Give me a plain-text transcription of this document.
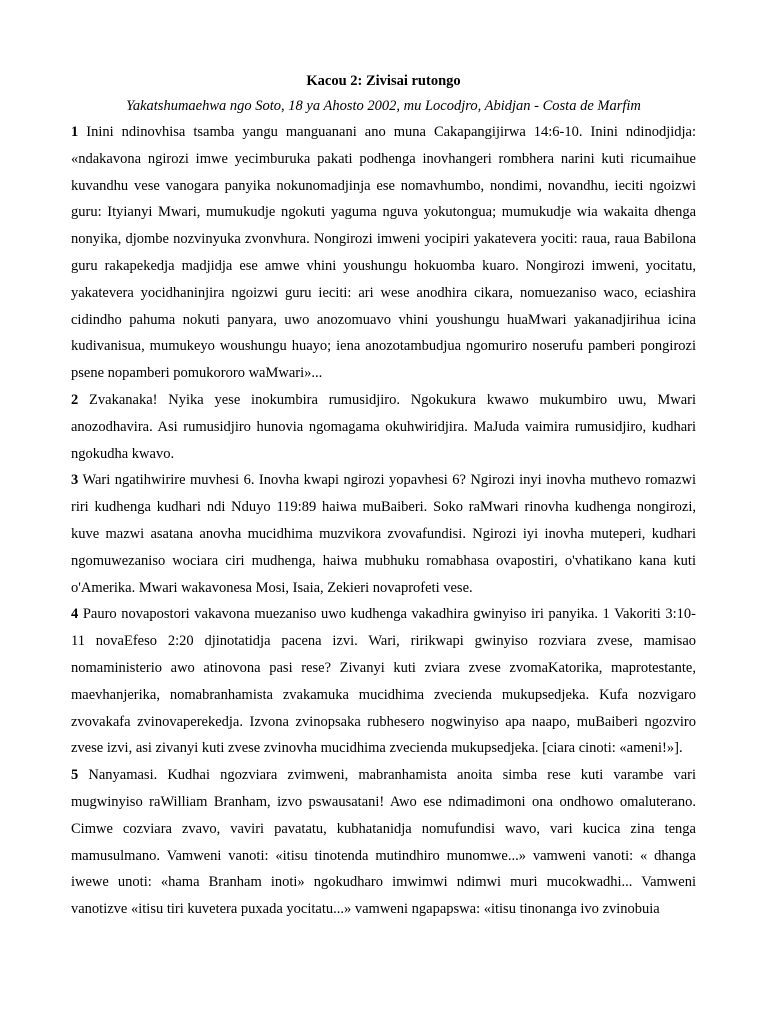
Kacou 2: Zivisai rutongo
Yakatshumaehwa ngo Soto, 18 ya Ahosto 2002, mu Locodjro, Abidjan - Costa de Marfim

1 Inini ndinovhisa tsamba yangu manguanani ano muna Cakapangijirwa 14:6-10. Inini ndinodjidja: «ndakavona ngirozi imwe yecimburuka pakati podhenga inovhangeri rombhera narini kuti ricumaihue kuvandhu vese vanogara panyika nokunomadjinja ese nomavhumbo, nondimi, novandhu, ieciti ngoizwi guru: Ityianyi Mwari, mumukudje ngokuti yaguma nguva yokutongua; mumukudje wia wakaita dhenga nonyika, djombe nozvinyuka zvonvhura. Nongirozi imweni yocipiri yakatevera yociti: raua, raua Babilona guru rakapekedja madjidja ese amwe vhini youshungu hokuomba kuaro. Nongirozi imweni, yocitatu, yakatevera yocidhaninjira ngoizwi guru ieciti: ari wese anodhira cikara, nomuezaniso waco, eciashira cidindho pahuma nokuti panyara, uwo anozomuavo vhini youshungu huaMwari yakanadjirihua icina kudivanisua, mumukeyo woushungu huayo; iena anozotambudjua ngomuriro noserufu pamberi pongirozi psene nopamberi pomukororo waMwari»...

2 Zvakanaka! Nyika yese inokumbira rumusidjiro. Ngokukura kwawo mukumbiro uwu, Mwari anozodhavira. Asi rumusidjiro hunovia ngomagama okuhwiridjira. MaJuda vaimira rumusidjiro, kudhari ngokudha kwavo.

3 Wari ngatihwirire muvhesi 6. Inovha kwapi ngirozi yopavhesi 6? Ngirozi inyi inovha muthevo romazwi riri kudhenga kudhari ndi Nduyo 119:89 haiwa muBaiberi. Soko raMwari rinovha kudhenga nongirozi, kuve mazwi asatana anovha mucidhima muzvikora zvovafundisi. Ngirozi iyi inovha muteperi, kudhari ngomuwezaniso wociara ciri mudhenga, haiwa mubhuku romabhasa ovapostiri, o'vhatikano kana kuti o'Amerika. Mwari wakavonesa Mosi, Isaia, Zekieri novaprofeti vese.

4 Pauro novapostori vakavona muezaniso uwo kudhenga vakadhira gwinyiso iri panyika. 1 Vakoriti 3:10-11 novaEfeso 2:20 djinotatidja pacena izvi. Wari, ririkwapi gwinyiso rozviara zvese, mamisao nomaministerio awo atinovona pasi rese? Zivanyi kuti zviara zvese zvomaKatorika, maprotestante, maevhanjerika, nomabranhamista zvakamuka mucidhima zvecienda mukupsedjeka. Kufa nozvigaro zvovakafa zvinovaperekedja. Izvona zvinopsaka rubhesero nogwinyiso apa naapo, muBaiberi ngozviro zvese izvi, asi zivanyi kuti zvese zvinovha mucidhima zvecienda mukupsedjeka. [ciara cinoti: «ameni!»].

5 Nanyamasi. Kudhai ngozviara zvimweni, mabranhamista anoita simba rese kuti varambe vari mugwinyiso raWilliam Branham, izvo pswausatani! Awo ese ndimadimoni ona ondhowo omaluterano. Cimwe cozviara zvavo, vaviri pavatatu, kubhatanidja nomufundisi wavo, vari kucica zina tenga mamusulmano. Vamweni vanoti: «itisu tinotenda mutindhiro munomwe...» vamweni vanoti: « dhanga iwewe unoti: «hama Branham inoti» ngokudharo imwimwi ndimwi muri mucokwadhi... Vamweni vanotizve «itisu tiri kuvetera puxada yocitatu...» vamweni ngapapswa: «itisu tinonanga ivo zvinobuia
